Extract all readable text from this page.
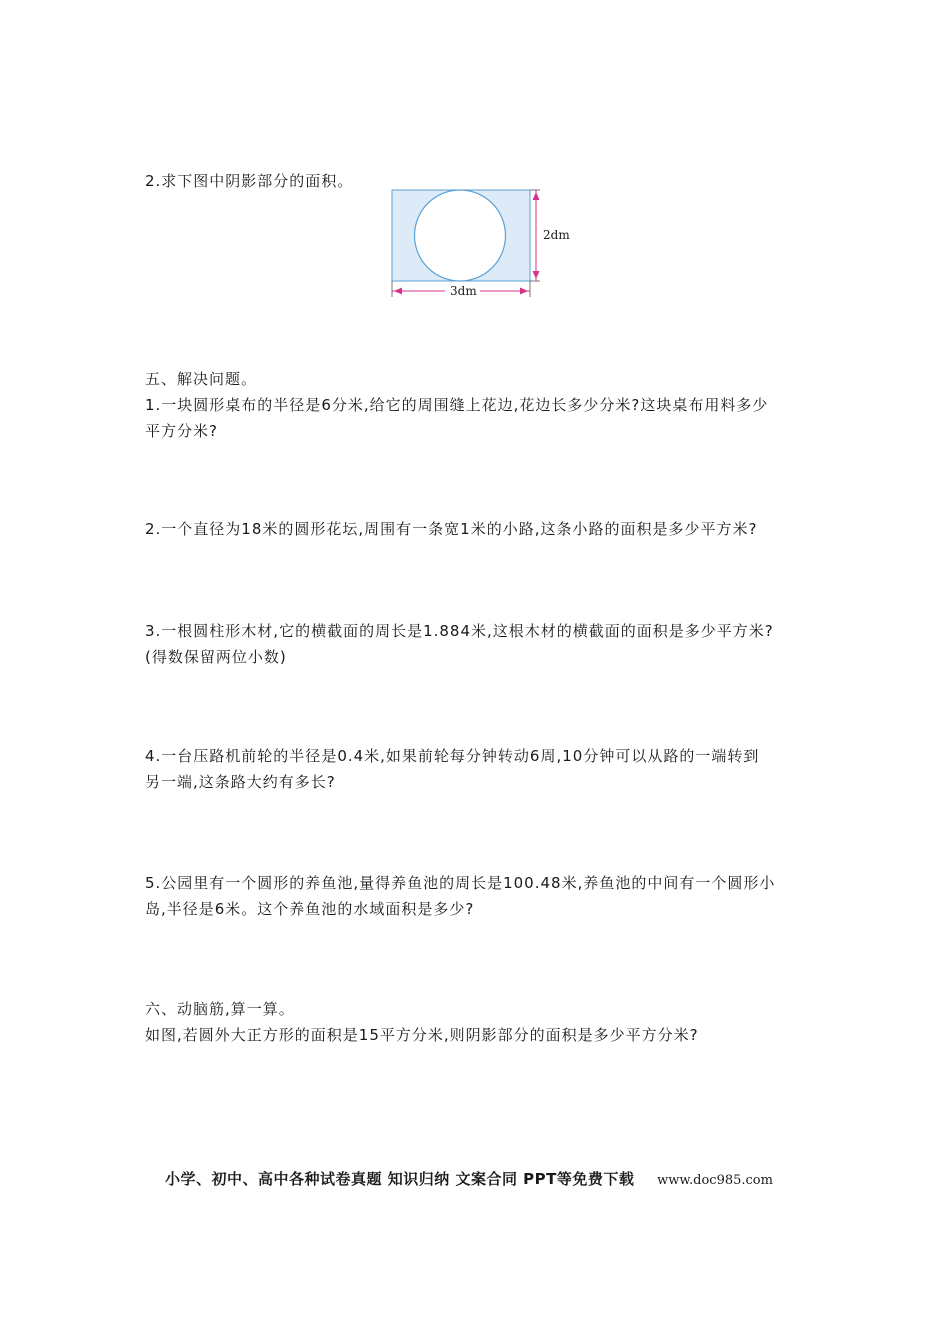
2.求下图中阴影部分的面积。
2dm
3dm
五、解决问题。
1.一块圆形桌布的半径是6分米,给它的周围缝上花边,花边长多少分米?这块桌布用料多少
平方分米?
2.一个直径为18米的圆形花坛,周围有一条宽1米的小路,这条小路的面积是多少平方米?
3.一根圆柱形木材,它的横截面的周长是1.884米,这根木材的横截面的面积是多少平方米?
(得数保留两位小数)
4.一台压路机前轮的半径是0.4米,如果前轮每分钟转动6周,10分钟可以从路的一端转到
另一端,这条路大约有多长?
5.公园里有一个圆形的养鱼池,量得养鱼池的周长是100.48米,养鱼池的中间有一个圆形小
岛,半径是6米。这个养鱼池的水域面积是多少?
六、动脑筋,算一算。
如图,若圆外大正方形的面积是15平方分米,则阴影部分的面积是多少平方分米?
小学、初中、高中各种试卷真题 知识归纳 文案合同 PPT等免费下载 www.doc985.com
